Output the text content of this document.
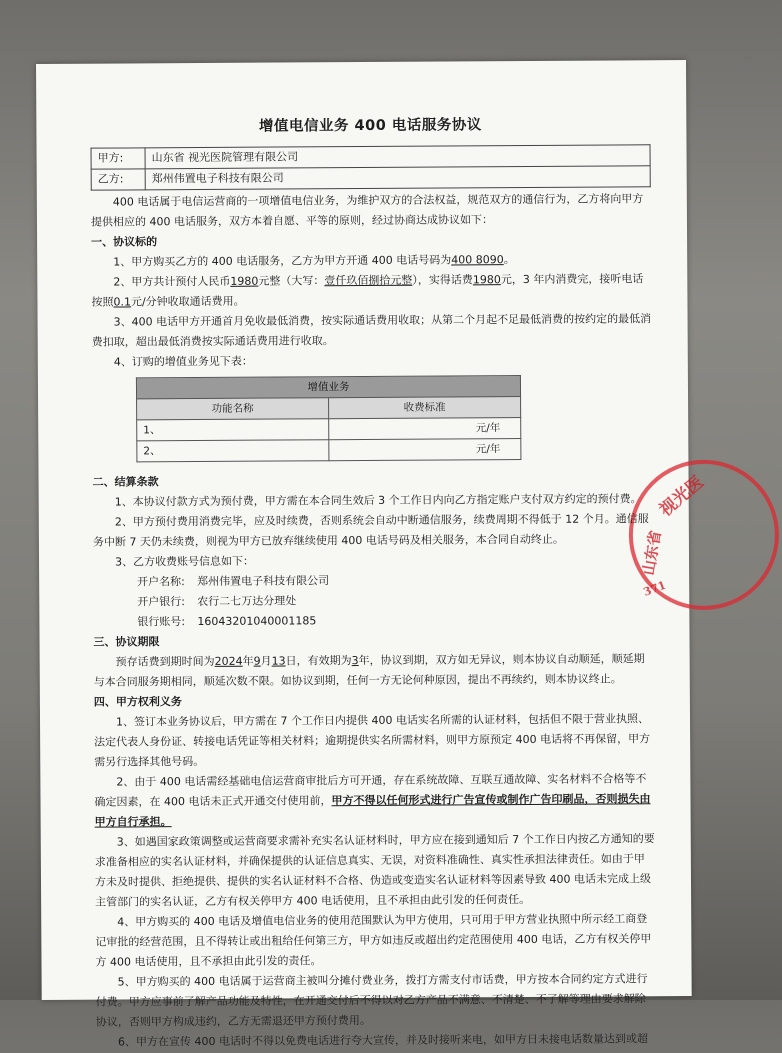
视光医
山东省
371
增值电信业务 400 电话服务协议
甲方:	山东省 视光医院管理有限公司
乙方:	郑州伟置电子科技有限公司

400 电话属于电信运营商的一项增值电信业务，为维护双方的合法权益，规范双方的通信行为，乙方将向甲方提供相应的 400 电话服务，双方本着自愿、平等的原则，经过协商达成协议如下：

一、协议标的

1、甲方购买乙方的 400 电话服务，乙方为甲方开通 400 电话号码为400 8090。

2、甲方共计预付人民币1980元整（大写：壹仟玖佰捌拾元整），实得话费1980元，3 年内消费完，接听电话按照0.1元/分钟收取通话费用。

3、400 电话甲方开通首月免收最低消费，按实际通话费用收取；从第二个月起不足最低消费的按约定的最低消费扣取，超出最低消费按实际通话费用进行收取。

4、订购的增值业务见下表：

增值业务	
功能名称	收费标准
1、	元/年
2、	元/年

二、结算条款

1、本协议付款方式为预付费，甲方需在本合同生效后 3 个工作日内向乙方指定账户支付双方约定的预付费。

2、甲方预付费用消费完毕，应及时续费，否则系统会自动中断通信服务，续费周期不得低于 12 个月。通信服务中断 7 天仍未续费，则视为甲方已放弃继续使用 400 电话号码及相关服务，本合同自动终止。

3、乙方收费账号信息如下：

开户名称: 郑州伟置电子科技有限公司

开户银行: 农行二七万达分理处

银行账号: 16043201040001185

三、协议期限

预存话费到期时间为2024年9月13日，有效期为3年，协议到期，双方如无异议，则本协议自动顺延，顺延期与本合同服务期相同，顺延次数不限。如协议到期，任何一方无论何种原因，提出不再续约，则本协议终止。

四、甲方权利义务

1、签订本业务协议后，甲方需在 7 个工作日内提供 400 电话实名所需的认证材料，包括但不限于营业执照、法定代表人身份证、转接电话凭证等相关材料；逾期提供实名所需材料，则甲方原预定 400 电话将不再保留，甲方需另行选择其他号码。

2、由于 400 电话需经基础电信运营商审批后方可开通，存在系统故障、互联互通故障、实名材料不合格等不确定因素，在 400 电话未正式开通交付使用前，甲方不得以任何形式进行广告宣传或制作广告印刷品，否则损失由甲方自行承担。

3、如遇国家政策调整或运营商要求需补充实名认证材料时，甲方应在接到通知后 7 个工作日内按乙方通知的要求准备相应的实名认证材料，并确保提供的认证信息真实、无误，对资料准确性、真实性承担法律责任。如由于甲方未及时提供、拒绝提供、提供的实名认证材料不合格、伪造或变造实名认证材料等因素导致 400 电话未完成上级主管部门的实名认证，乙方有权关停甲方 400 电话使用，且不承担由此引发的任何责任。

4、甲方购买的 400 电话及增值电信业务的使用范围默认为甲方使用，只可用于甲方营业执照中所示经工商登记审批的经营范围，且不得转让或出租给任何第三方，甲方如违反或超出约定范围使用 400 电话，乙方有权关停甲方 400 电话使用，且不承担由此引发的责任。

5、甲方购买的 400 电话属于运营商主被叫分摊付费业务，拨打方需支付市话费，甲方按本合同约定方式进行付费。甲方应事前了解产品功能及特性，在开通交付后不得以对乙方产品不满意、不清楚、不了解等理由要求解除协议，否则甲方构成违约，乙方无需退还甲方预付费用。

6、甲方在宣传 400 电话时不得以免费电话进行夸大宣传，并及时接听来电，如甲方日未接电话数量达到或超
